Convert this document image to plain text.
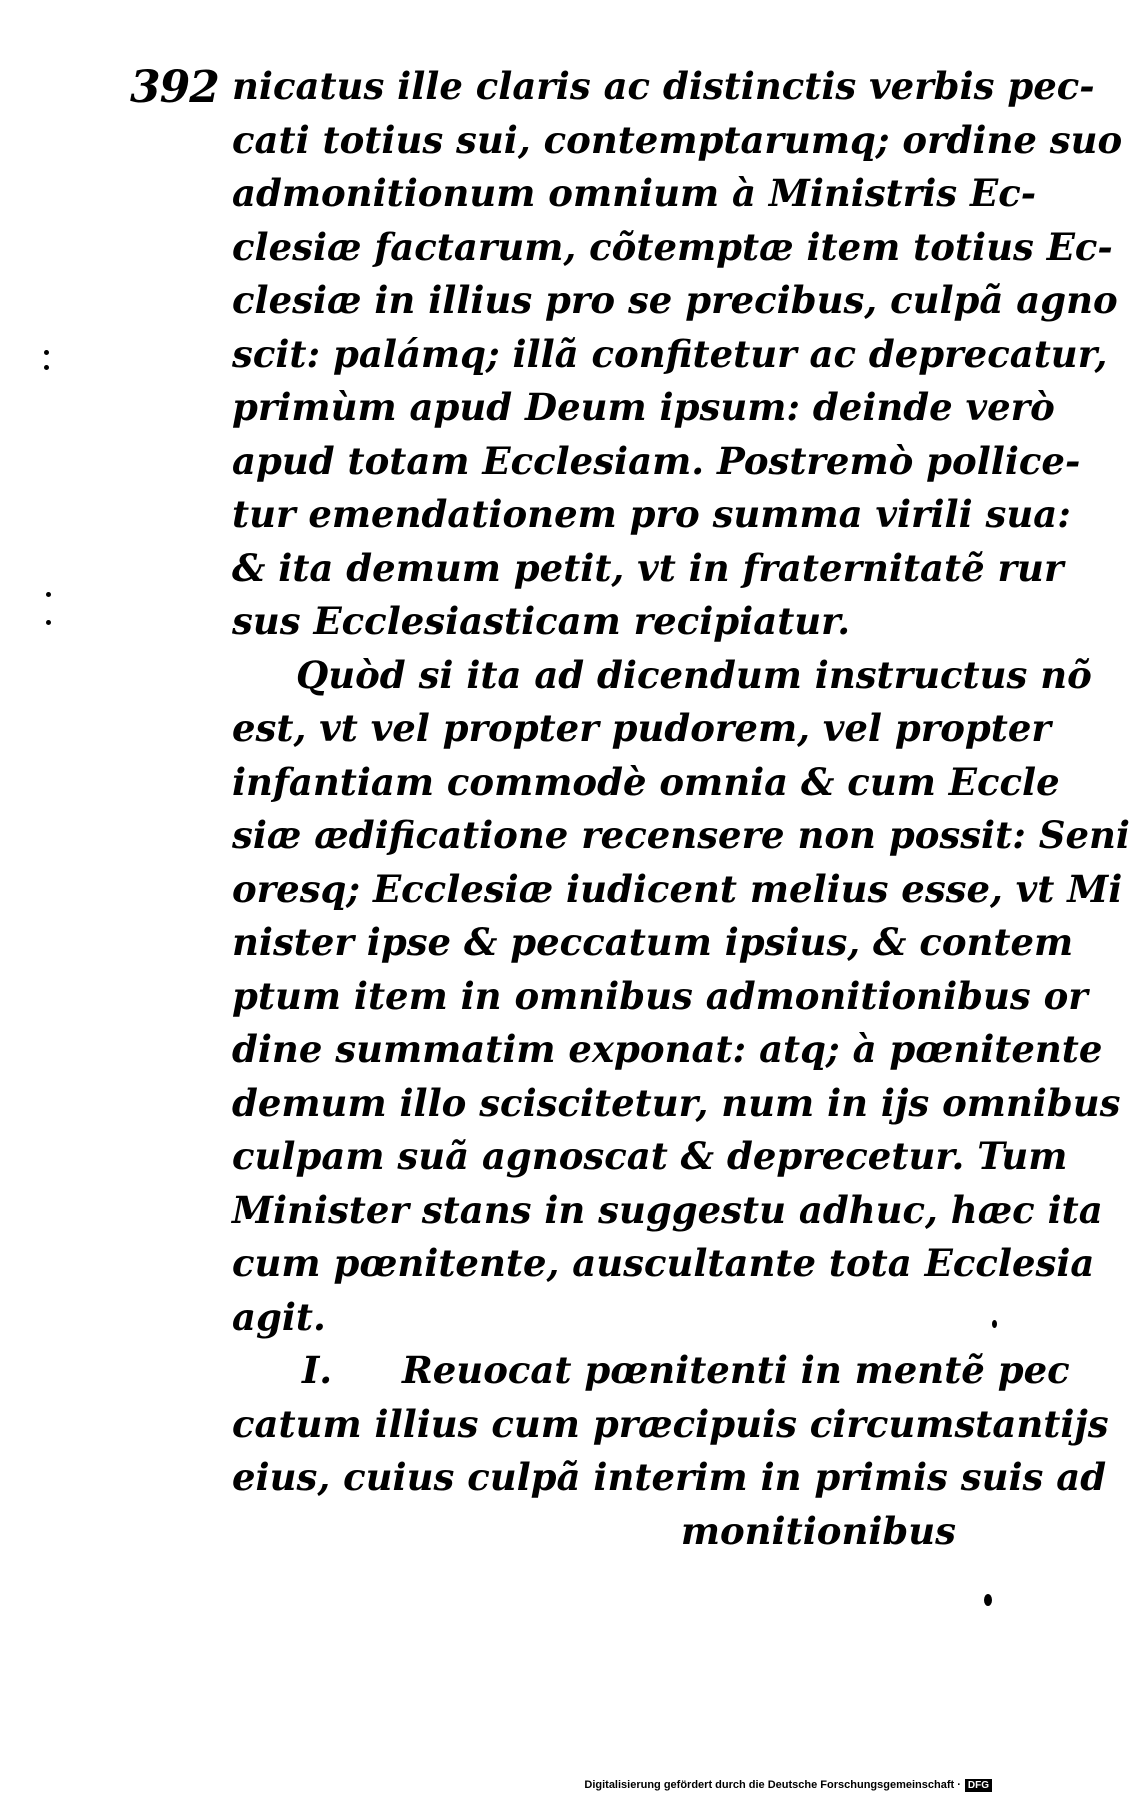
392 nicatus ille claris ac distinctis verbis pec-
cati totius sui, contemptarumq; ordine suo
admonitionum omnium à Ministris Ec-
clesiæ factarum, cõtemptæ item totius Ec-
clesiæ in illius pro se precibus, culpã agno
scit: palámq; illã confitetur ac deprecatur,
primùm apud Deum ipsum: deinde verò
apud totam Ecclesiam. Postremò pollice-
tur emendationem pro summa virili sua:
& ita demum petit, vt in fraternitatẽ rur
sus Ecclesiasticam recipiatur.
Quòd si ita ad dicendum instructus nõ
est, vt vel propter pudorem, vel propter
infantiam commodè omnia & cum Eccle
siæ ædificatione recensere non possit: Seni
oresq; Ecclesiæ iudicent melius esse, vt Mi
nister ipse & peccatum ipsius, & contem
ptum item in omnibus admonitionibus or
dine summatim exponat: atq; à pœnitente
demum illo sciscitetur, num in ijs omnibus
culpam suã agnoscat & deprecetur. Tum
Minister stans in suggestu adhuc, hæc ita
cum pœnitente, auscultante tota Ecclesia
agit.
I. Reuocat pœnitenti in mentẽ pec
catum illius cum præcipuis circumstantijs
eius, cuius culpã interim in primis suis ad
monitionibus
Digitalisierung gefördert durch die Deutsche Forschungsgemeinschaft · DFG
